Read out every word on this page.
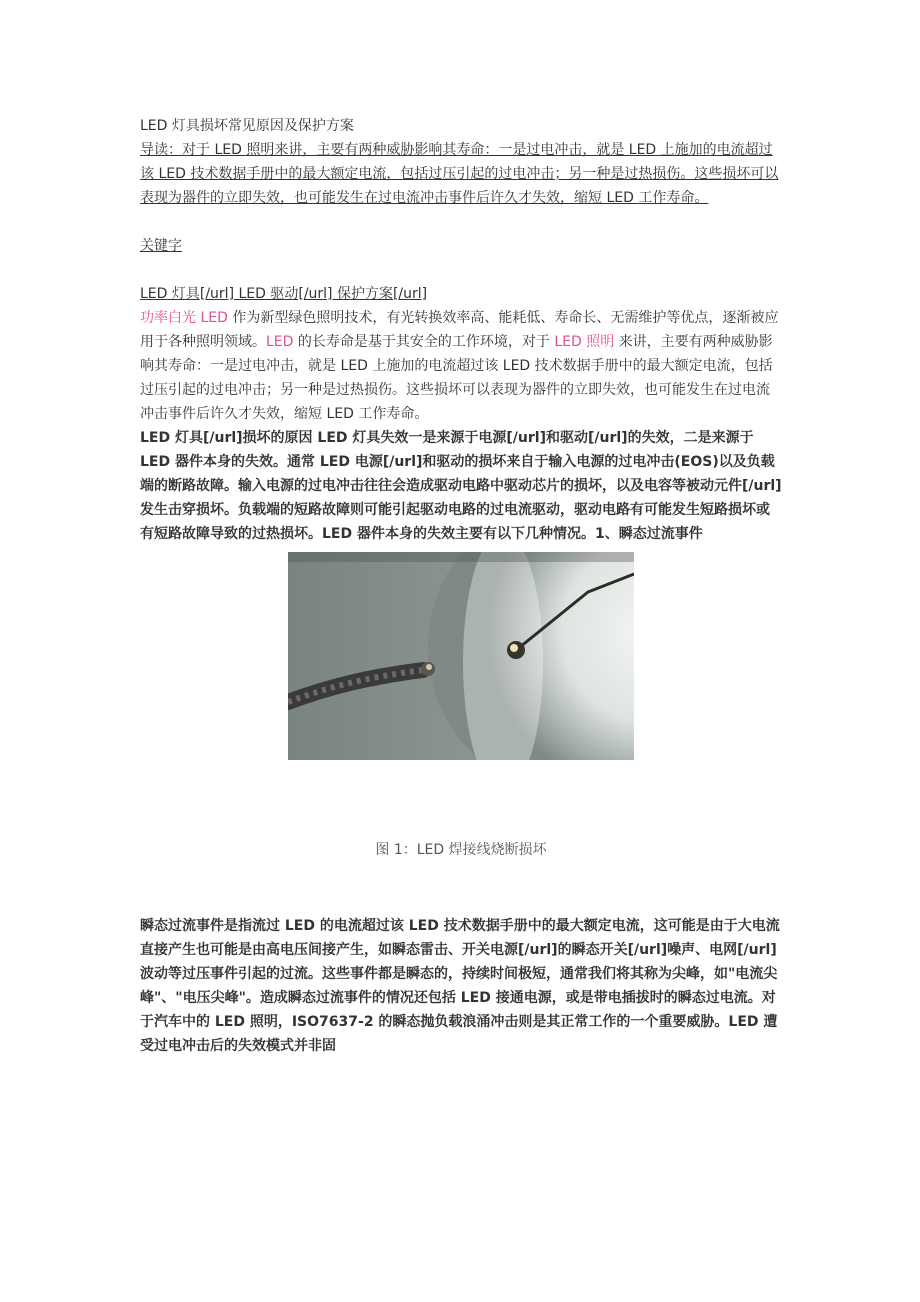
LED 灯具损坏常见原因及保护方案

导读：对于 LED 照明来讲，主要有两种威胁影响其寿命：一是过电冲击，就是 LED 上施加的电流超过该 LED 技术数据手册中的最大额定电流，包括过压引起的过电冲击；另一种是过热损伤。这些损坏可以表现为器件的立即失效，也可能发生在过电流冲击事件后许久才失效，缩短 LED 工作寿命。

关键字
LED 灯具[/url] LED 驱动[/url] 保护方案[/url]

功率白光 LED 作为新型绿色照明技术，有光转换效率高、能耗低、寿命长、无需维护等优点，逐渐被应用于各种照明领域。LED 的长寿命是基于其安全的工作环境，对于 LED 照明 来讲，主要有两种威胁影响其寿命：一是过电冲击，就是 LED 上施加的电流超过该 LED 技术数据手册中的最大额定电流，包括过压引起的过电冲击；另一种是过热损伤。这些损坏可以表现为器件的立即失效，也可能发生在过电流冲击事件后许久才失效，缩短 LED 工作寿命。

LED 灯具[/url]损坏的原因 LED 灯具失效一是来源于电源[/url]和驱动[/url]的失效，二是来源于 LED 器件本身的失效。通常 LED 电源[/url]和驱动的损坏来自于输入电源的过电冲击(EOS)以及负载端的断路故障。输入电源的过电冲击往往会造成驱动电路中驱动芯片的损坏，以及电容等被动元件[/url]发生击穿损坏。负载端的短路故障则可能引起驱动电路的过电流驱动，驱动电路有可能发生短路损坏或有短路故障导致的过热损坏。LED 器件本身的失效主要有以下几种情况。1、瞬态过流事件

图 1：LED 焊接线烧断损坏

瞬态过流事件是指流过 LED 的电流超过该 LED 技术数据手册中的最大额定电流，这可能是由于大电流直接产生也可能是由高电压间接产生，如瞬态雷击、开关电源[/url]的瞬态开关[/url]噪声、电网[/url]波动等过压事件引起的过流。这些事件都是瞬态的，持续时间极短，通常我们将其称为尖峰，如"电流尖峰"、"电压尖峰"。造成瞬态过流事件的情况还包括 LED 接通电源，或是带电插拔时的瞬态过电流。对于汽车中的 LED 照明，ISO7637-2 的瞬态抛负载浪涌冲击则是其正常工作的一个重要威胁。LED 遭受过电冲击后的失效模式并非固
